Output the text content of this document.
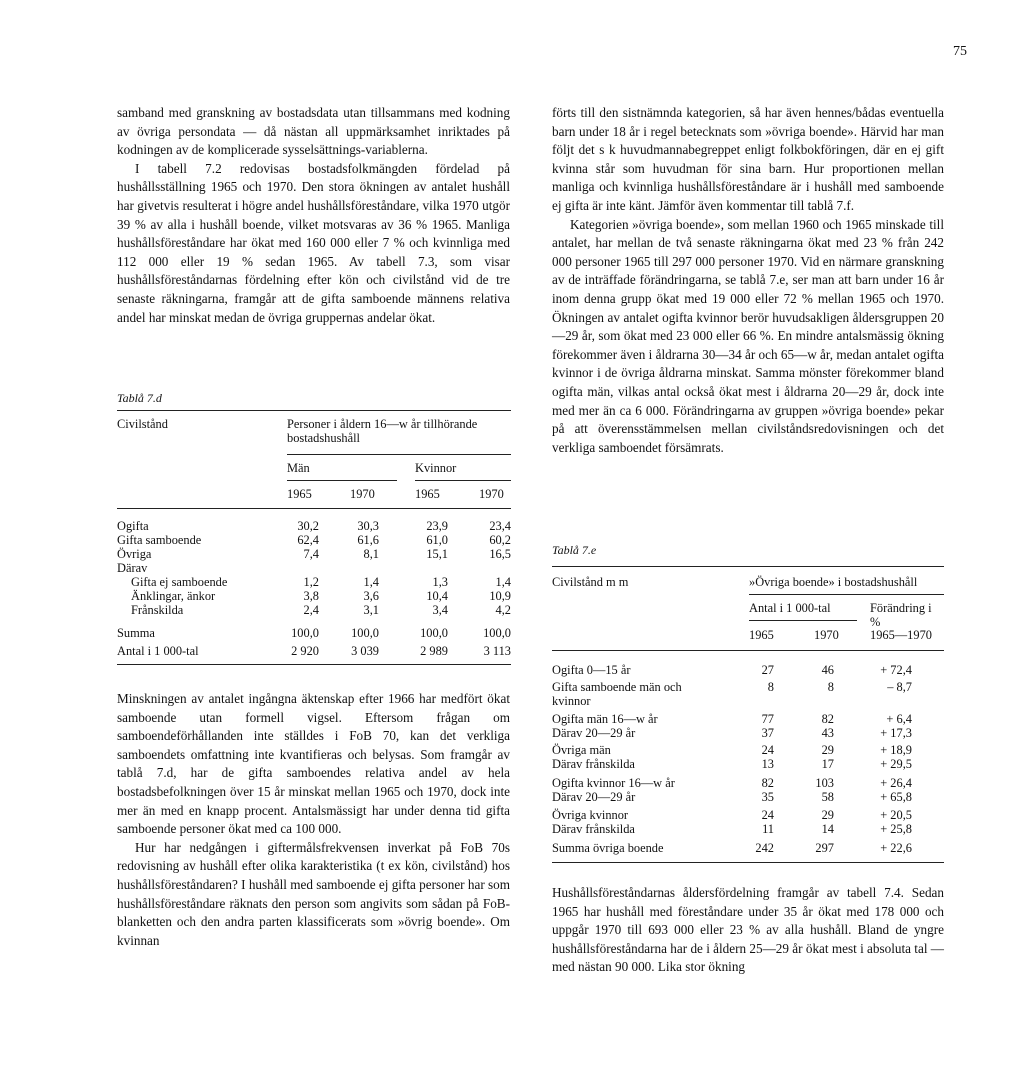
75

samband med granskning av bostadsdata utan tillsammans med kodning av övriga persondata — då nästan all uppmärksamhet inriktades på kodningen av de komplicerade sysselsättnings-variablerna.

I tabell 7.2 redovisas bostadsfolkmängden fördelad på hushållsställning 1965 och 1970. Den stora ökningen av antalet hushåll har givetvis resulterat i högre andel hushållsföreståndare, vilka 1970 utgör 39 % av alla i hushåll boende, vilket motsvaras av 36 % 1965. Manliga hushållsföreståndare har ökat med 160 000 eller 7 % och kvinnliga med 112 000 eller 19 % sedan 1965. Av tabell 7.3, som visar hushållsföreståndarnas fördelning efter kön och civilstånd vid de tre senaste räkningarna, framgår att de gifta samboende männens relativa andel har minskat medan de övriga gruppernas andelar ökat.

Tablå 7.d
Civilstånd	Personer i åldern 16—w år tillhörande bostadshushåll
Män	Kvinnor
1965	1970	1965	1970
Ogifta	30,2	30,3	23,9	23,4
Gifta samboende	62,4	61,6	61,0	60,2
Övriga	7,4	8,1	15,1	16,5
Därav
Gifta ej samboende	1,2	1,4	1,3	1,4
Änklingar, änkor	3,8	3,6	10,4	10,9
Frånskilda	2,4	3,1	3,4	4,2
Summa	100,0	100,0	100,0	100,0
Antal i 1 000-tal	2 920	3 039	2 989	3 113

Minskningen av antalet ingångna äktenskap efter 1966 har medfört ökat samboende utan formell vigsel. Eftersom frågan om samboendeförhållanden inte ställdes i FoB 70, kan det verkliga samboendets omfattning inte kvantifieras och belysas. Som framgår av tablå 7.d, har de gifta samboendes relativa andel av hela bostadsbefolkningen över 15 år minskat mellan 1965 och 1970, dock inte mer än med en knapp procent. Antalsmässigt har under denna tid gifta samboende personer ökat med ca 100 000.

Hur har nedgången i giftermålsfrekvensen inverkat på FoB 70s redovisning av hushåll efter olika karakteristika (t ex kön, civilstånd) hos hushållsföreståndaren? I hushåll med samboende ej gifta personer har som hushållsföreståndare räknats den person som angivits som sådan på FoB-blanketten och den andra parten klassificerats som »övrig boende». Om kvinnan

förts till den sistnämnda kategorien, så har även hennes/bådas eventuella barn under 18 år i regel betecknats som »övriga boende». Härvid har man följt det s k huvudmannabegreppet enligt folkbokföringen, där en ej gift kvinna står som huvudman för sina barn. Hur proportionen mellan manliga och kvinnliga hushållsföreståndare är i hushåll med samboende ej gifta är inte känt. Jämför även kommentar till tablå 7.f.

Kategorien »övriga boende», som mellan 1960 och 1965 minskade till antalet, har mellan de två senaste räkningarna ökat med 23 % från 242 000 personer 1965 till 297 000 personer 1970. Vid en närmare granskning av de inträffade förändringarna, se tablå 7.e, ser man att barn under 16 år inom denna grupp ökat med 19 000 eller 72 % mellan 1965 och 1970. Ökningen av antalet ogifta kvinnor berör huvudsakligen åldersgruppen 20—29 år, som ökat med 23 000 eller 66 %. En mindre antalsmässig ökning förekommer även i åldrarna 30—34 år och 65—w år, medan antalet ogifta kvinnor i de övriga åldrarna minskat. Samma mönster förekommer bland ogifta män, vilkas antal också ökat mest i åldrarna 20—29 år, dock inte med mer än ca 6 000. Förändringarna av gruppen »övriga boende» pekar på att överensstämmelsen mellan civilståndsredovisningen och det verkliga samboendet försämrats.

Tablå 7.e
Civilstånd m m	»Övriga boende» i bostadshushåll
Antal i 1 000-tal	Förändring i %
1965	1970	1965—1970
Ogifta 0—15 år	27	46	+ 72,4
Gifta samboende män och kvinnor
8	8	– 8,7
Ogifta män 16—w år	77	82	+ 6,4
Därav 20—29 år	37	43	+ 17,3
Övriga män	24	29	+ 18,9
Därav frånskilda	13	17	+ 29,5
Ogifta kvinnor 16—w år	82	103	+ 26,4
Därav 20—29 år	35	58	+ 65,8
Övriga kvinnor	24	29	+ 20,5
Därav frånskilda	11	14	+ 25,8
Summa övriga boende	242	297	+ 22,6

Hushållsföreståndarnas åldersfördelning framgår av tabell 7.4. Sedan 1965 har hushåll med föreståndare under 35 år ökat med 178 000 och uppgår 1970 till 693 000 eller 23 % av alla hushåll. Bland de yngre hushållsföreståndarna har de i åldern 25—29 år ökat mest i absoluta tal — med nästan 90 000. Lika stor ökning
